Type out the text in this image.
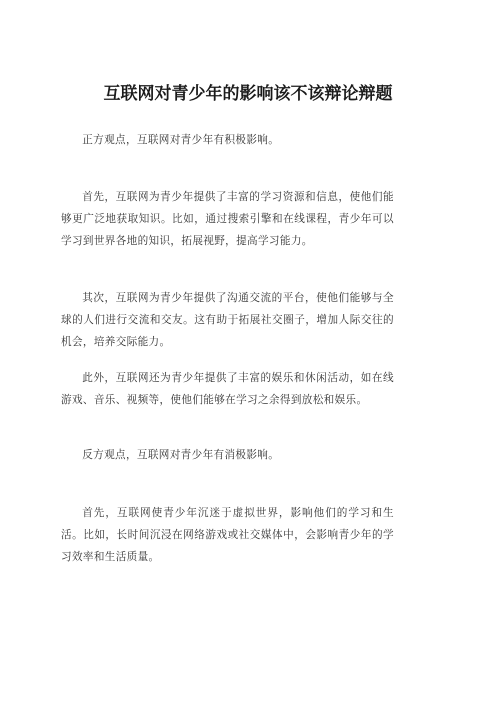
互联网对青少年的影响该不该辩论辩题

正方观点，互联网对青少年有积极影响。

首先，互联网为青少年提供了丰富的学习资源和信息，使他们能够更广泛地获取知识。比如，通过搜索引擎和在线课程，青少年可以学习到世界各地的知识，拓展视野，提高学习能力。

其次，互联网为青少年提供了沟通交流的平台，使他们能够与全球的人们进行交流和交友。这有助于拓展社交圈子，增加人际交往的机会，培养交际能力。

此外，互联网还为青少年提供了丰富的娱乐和休闲活动，如在线游戏、音乐、视频等，使他们能够在学习之余得到放松和娱乐。

反方观点，互联网对青少年有消极影响。

首先，互联网使青少年沉迷于虚拟世界，影响他们的学习和生活。比如，长时间沉浸在网络游戏或社交媒体中，会影响青少年的学习效率和生活质量。
